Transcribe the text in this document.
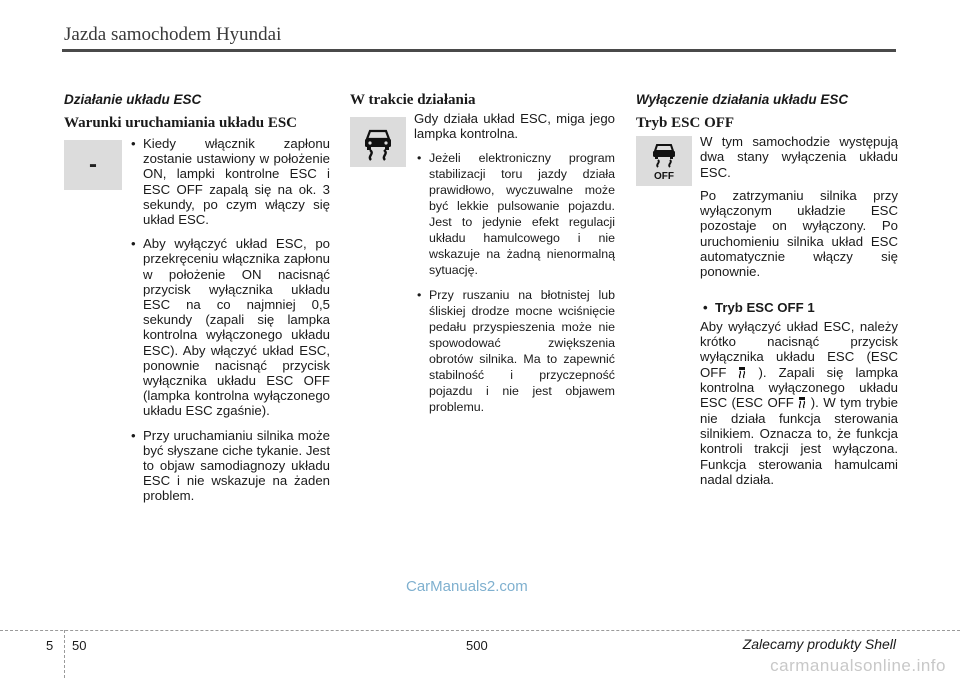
Jazda samochodem Hyundai
Działanie układu ESC
Warunki uruchamiania układu ESC
-
• Kiedy włącznik zapłonu zostanie ustawiony w położenie ON, lampki kontrolne ESC i ESC OFF zapalą się na ok. 3 sekundy, po czym włączy się układ ESC.
• Aby wyłączyć układ ESC, po przekręceniu włącznika zapłonu w położenie ON nacisnąć przycisk wyłącznika układu ESC na co najmniej 0,5 sekundy (zapali się lampka kontrolna wyłączonego układu ESC). Aby włączyć układ ESC, ponownie nacisnąć przycisk wyłącznika układu ESC OFF (lampka kontrolna wyłączonego układu ESC zgaśnie).
• Przy uruchamianiu silnika może być słyszane ciche tykanie. Jest to objaw samodiagnozy układu ESC i nie wskazuje na żaden problem.
W trakcie działania

Gdy działa układ ESC, miga jego lampka kontrolna.

• Jeżeli elektroniczny program stabilizacji toru jazdy działa prawidłowo, wyczuwalne może być lekkie pulsowanie pojazdu. Jest to jedynie efekt regulacji układu hamulcowego i nie wskazuje na żadną nienormalną sytuację.
• Przy ruszaniu na błotnistej lub śliskiej drodze mocne wciśnięcie pedału przyspieszenia może nie spowodować zwiększenia obrotów silnika. Ma to zapewnić stabilność i przyczepność pojazdu i nie jest objawem problemu.
Wyłączenie działania układu ESC
Tryb ESC OFF
OFF

W tym samochodzie występują dwa stany wyłączenia układu ESC.

Po zatrzymaniu silnika przy wyłączonym układzie ESC pozostaje on wyłączony. Po uruchomieniu silnika układ ESC automatycznie włączy się ponownie.

• Tryb ESC OFF 1

Aby wyłączyć układ ESC, należy krótko nacisnąć przycisk wyłącznika układu ESC (ESC OFF ). Zapali się lampka kontrolna wyłączonego układu ESC (ESC OFF ). W tym trybie nie działa funkcja sterowania silnikiem. Oznacza to, że funkcja kontroli trakcji jest wyłączona. Funkcja sterowania hamulcami nadal działa.

CarManuals2.com
5 50	500	Zalecamy produkty Shell
carmanualsonline.info
